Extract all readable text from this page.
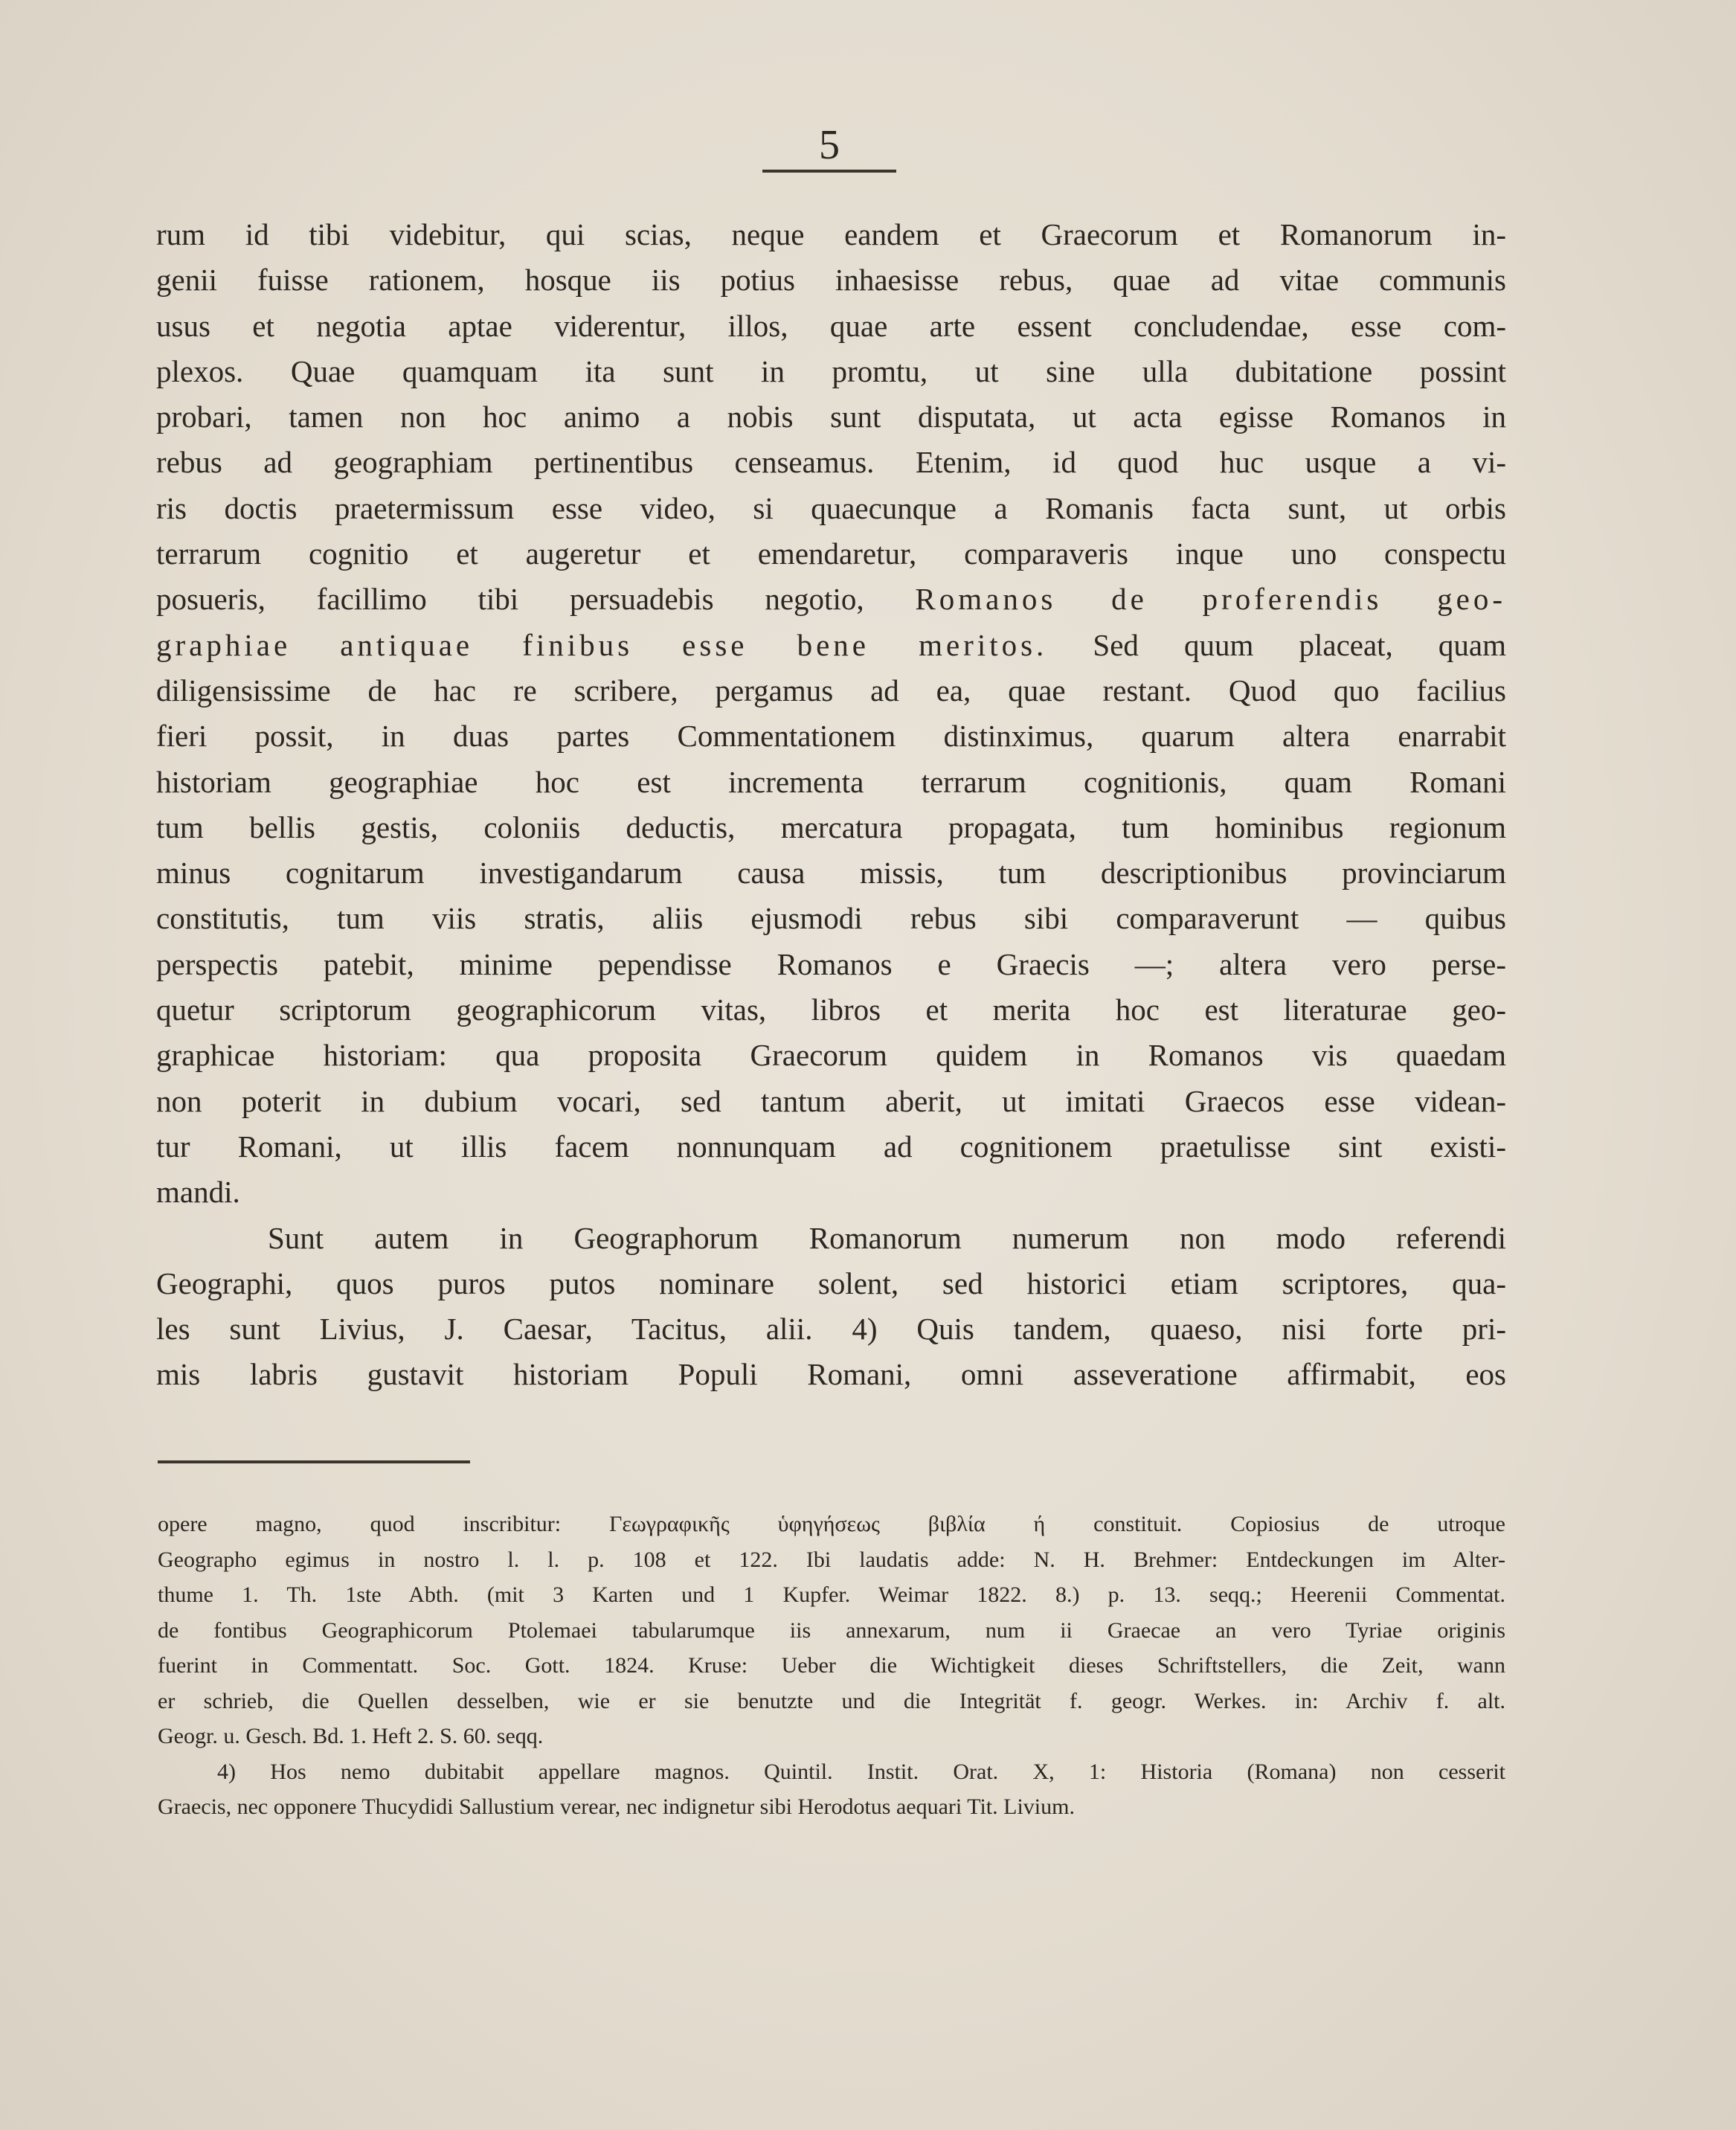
5
rum id tibi videbitur, qui scias, neque eandem et Graecorum et Romanorum in-
genii fuisse rationem, hosque iis potius inhaesisse rebus, quae ad vitae communis
usus et negotia aptae viderentur, illos, quae arte essent concludendae, esse com-
plexos. Quae quamquam ita sunt in promtu, ut sine ulla dubitatione possint
probari, tamen non hoc animo a nobis sunt disputata, ut acta egisse Romanos in
rebus ad geographiam pertinentibus censeamus. Etenim, id quod huc usque a vi-
ris doctis praetermissum esse video, si quaecunque a Romanis facta sunt, ut orbis
terrarum cognitio et augeretur et emendaretur, comparaveris inque uno conspectu
posueris, facillimo tibi persuadebis negotio, Romanos de proferendis geo-
graphiae antiquae finibus esse bene meritos. Sed quum placeat, quam
diligensissime de hac re scribere, pergamus ad ea, quae restant. Quod quo facilius
fieri possit, in duas partes Commentationem distinximus, quarum altera enarrabit
historiam geographiae hoc est incrementa terrarum cognitionis, quam Romani
tum bellis gestis, coloniis deductis, mercatura propagata, tum hominibus regionum
minus cognitarum investigandarum causa missis, tum descriptionibus provinciarum
constitutis, tum viis stratis, aliis ejusmodi rebus sibi comparaverunt — quibus
perspectis patebit, minime pependisse Romanos e Graecis —; altera vero perse-
quetur scriptorum geographicorum vitas, libros et merita hoc est literaturae geo-
graphicae historiam: qua proposita Graecorum quidem in Romanos vis quaedam
non poterit in dubium vocari, sed tantum aberit, ut imitati Graecos esse videan-
tur Romani, ut illis facem nonnunquam ad cognitionem praetulisse sint existi-
mandi.
Sunt autem in Geographorum Romanorum numerum non modo referendi
Geographi, quos puros putos nominare solent, sed historici etiam scriptores, qua-
les sunt Livius, J. Caesar, Tacitus, alii. 4) Quis tandem, quaeso, nisi forte pri-
mis labris gustavit historiam Populi Romani, omni asseveratione affirmabit, eos
opere magno, quod inscribitur: Γεωγραφικῆς ὑφηγήσεως βιβλία ή constituit. Copiosius de utroque
Geographo egimus in nostro l. l. p. 108 et 122. Ibi laudatis adde: N. H. Brehmer: Entdeckungen im Alter-
thume 1. Th. 1ste Abth. (mit 3 Karten und 1 Kupfer. Weimar 1822. 8.) p. 13. seqq.; Heerenii Commentat.
de fontibus Geographicorum Ptolemaei tabularumque iis annexarum, num ii Graecae an vero Tyriae originis
fuerint in Commentatt. Soc. Gott. 1824. Kruse: Ueber die Wichtigkeit dieses Schriftstellers, die Zeit, wann
er schrieb, die Quellen desselben, wie er sie benutzte und die Integrität f. geogr. Werkes. in: Archiv f. alt.
Geogr. u. Gesch. Bd. 1. Heft 2. S. 60. seqq.
4) Hos nemo dubitabit appellare magnos. Quintil. Instit. Orat. X, 1: Historia (Romana) non cesserit
Graecis, nec opponere Thucydidi Sallustium verear, nec indignetur sibi Herodotus aequari Tit. Livium.
